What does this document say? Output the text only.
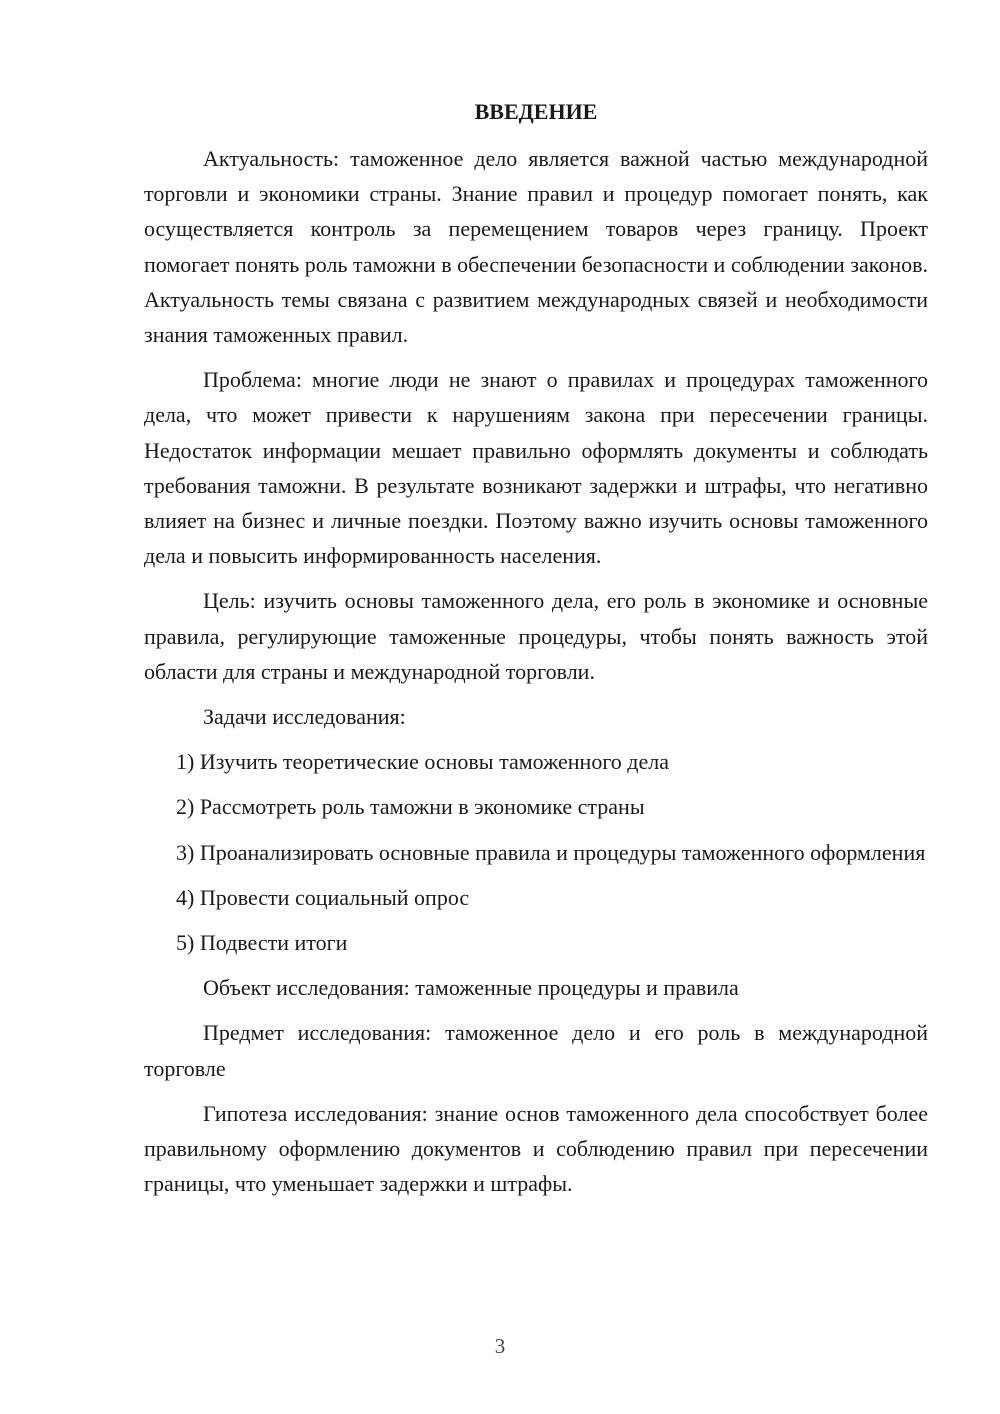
ВВЕДЕНИЕ

Актуальность: таможенное дело является важной частью международной торговли и экономики страны. Знание правил и процедур помогает понять, как осуществляется контроль за перемещением товаров через границу. Проект помогает понять роль таможни в обеспечении безопасности и соблюдении законов. Актуальность темы связана с развитием международных связей и необходимости знания таможенных правил.

Проблема: многие люди не знают о правилах и процедурах таможенного дела, что может привести к нарушениям закона при пересечении границы. Недостаток информации мешает правильно оформлять документы и соблюдать требования таможни. В результате возникают задержки и штрафы, что негативно влияет на бизнес и личные поездки. Поэтому важно изучить основы таможенного дела и повысить информированность населения.

Цель: изучить основы таможенного дела, его роль в экономике и основные правила, регулирующие таможенные процедуры, чтобы понять важность этой области для страны и международной торговли.

Задачи исследования:

1) Изучить теоретические основы таможенного дела

2) Рассмотреть роль таможни в экономике страны

3) Проанализировать основные правила и процедуры таможенного оформления

4) Провести социальный опрос

5) Подвести итоги

Объект исследования: таможенные процедуры и правила

Предмет исследования: таможенное дело и его роль в международной торговле

Гипотеза исследования: знание основ таможенного дела способствует более правильному оформлению документов и соблюдению правил при пересечении границы, что уменьшает задержки и штрафы.

3
